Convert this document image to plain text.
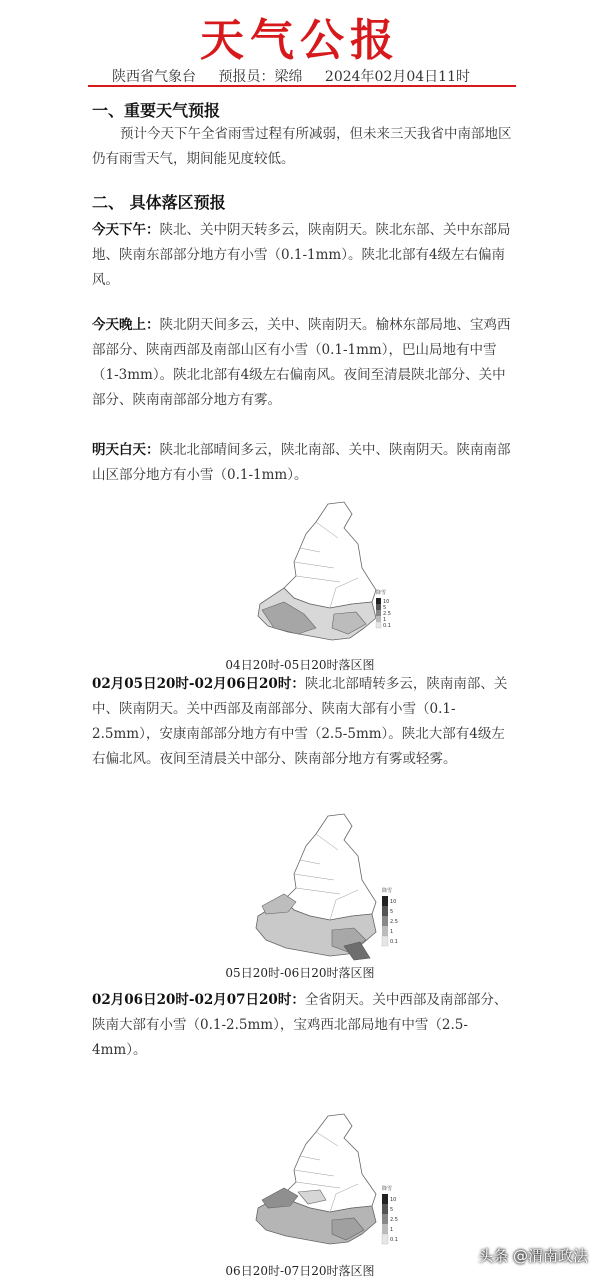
天气公报
陕西省气象台 预报员：梁绵 2024年02月04日11时
一、重要天气预报
预计今天下午全省雨雪过程有所减弱，但未来三天我省中南部地区仍有雨雪天气，期间能见度较低。
二、 具体落区预报
今天下午：陕北、关中阴天转多云，陕南阴天。陕北东部、关中东部局地、陕南东部部分地方有小雪（0.1-1mm）。陕北北部有4级左右偏南风。
今天晚上：陕北阴天间多云，关中、陕南阴天。榆林东部局地、宝鸡西部部分、陕南西部及南部山区有小雪（0.1-1mm），巴山局地有中雪（1-3mm）。陕北北部有4级左右偏南风。夜间至清晨陕北部分、关中部分、陕南南部部分地方有雾。
明天白天：陕北北部晴间多云，陕北南部、关中、陕南阴天。陕南南部山区部分地方有小雪（0.1-1mm）。
降雪
10
5
2.5
1
0.1
04日20时-05日20时落区图
02月05日20时-02月06日20时：陕北北部晴转多云，陕南南部、关中、陕南阴天。关中西部及南部部分、陕南大部有小雪（0.1-2.5mm），安康南部部分地方有中雪（2.5-5mm）。陕北大部有4级左右偏北风。夜间至清晨关中部分、陕南部分地方有雾或轻雾。
降雪
10
5
2.5
1
0.1
05日20时-06日20时落区图
02月06日20时-02月07日20时：全省阴天。关中西部及南部部分、陕南大部有小雪（0.1-2.5mm），宝鸡西北部局地有中雪（2.5-4mm）。
降雪
10
5
2.5
1
0.1
06日20时-07日20时落区图
头条 @渭南政法
